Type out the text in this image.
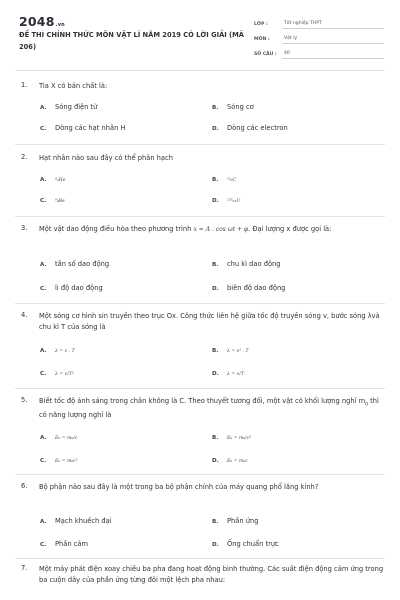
2048.vn
ĐỀ THI CHÍNH THỨC MÔN VẬT LÍ NĂM 2019 CÓ LỜI GIẢI (MÃ 206)
LỚP :	Tốt nghiệp THPT
MÔN :	Vật lý
SỐ CÂU :	40
1.	Tia X có bản chất là:
A. Sóng điện từ	B. Sóng cơ
C. Dòng các hạt nhân H	D. Dòng các electron
2.	Hạt nhân nào sau đây có thể phân hạch
A. ⁴₂He	B. ¹²₆C
C. ⁹₄Be	D. ²³⁵₉₂U
3.	Một vật dao động điều hòa theo phương trình x = A . cos ωt + φ. Đại lượng x được gọi là:
A. tần số dao động	B. chu kì dao động
C. li độ dao động	D. biên độ dao động
4.	Một sóng cơ hình sin truyền theo trục Ox. Công thức liên hệ giữa tốc độ truyền sóng v, bước sóng λvà chu kì T của sóng là
A. λ = v . T	B. λ = v² . T
C. λ = v/T²	D. λ = v/T
5.	Biết tốc độ ánh sáng trong chân không là C. Theo thuyết tương đối, một vật có khối lượng nghỉ $m_0$ thì có năng lượng nghỉ là
A. E₀ = m₀/c	B. E₀ = m₀/c²
C. E₀ = m₀c²	D. E₀ = m₀c
6.	Bộ phận nào sau đây là một trong ba bộ phận chính của máy quang phổ lăng kính?
A. Mạch khuếch đại	B. Phần ứng
C. Phần cảm	D. Ống chuẩn trực
7.	Một máy phát điện xoay chiều ba pha đang hoạt động bình thường. Các suất điện động cảm ứng trong ba cuộn dây của phần ứng từng đôi một lệch pha nhau:
